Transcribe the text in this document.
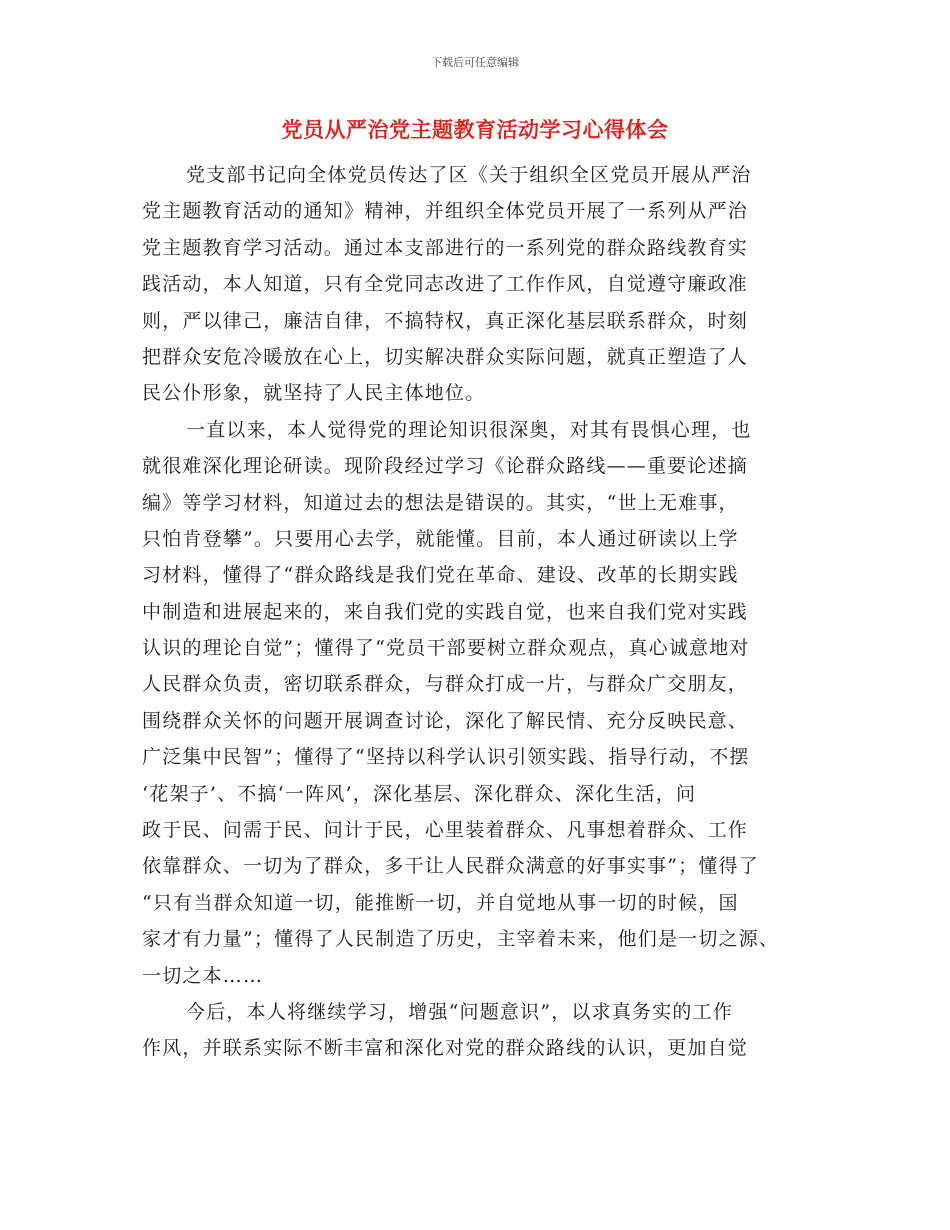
下载后可任意编辑
党员从严治党主题教育活动学习心得体会

党支部书记向全体党员传达了区《关于组织全区党员开展从严治
党主题教育活动的通知》精神，并组织全体党员开展了一系列从严治
党主题教育学习活动。通过本支部进行的一系列党的群众路线教育实
践活动，本人知道，只有全党同志改进了工作作风，自觉遵守廉政准
则，严以律己，廉洁自律，不搞特权，真正深化基层联系群众，时刻
把群众安危冷暖放在心上，切实解决群众实际问题，就真正塑造了人
民公仆形象，就坚持了人民主体地位。

一直以来，本人觉得党的理论知识很深奥，对其有畏惧心理，也
就很难深化理论研读。现阶段经过学习《论群众路线——重要论述摘
编》等学习材料，知道过去的想法是错误的。其实，“世上无难事，
只怕肯登攀”。只要用心去学，就能懂。目前，本人通过研读以上学
习材料，懂得了“群众路线是我们党在革命、建设、改革的长期实践
中制造和进展起来的，来自我们党的实践自觉，也来自我们党对实践
认识的理论自觉”；懂得了“党员干部要树立群众观点，真心诚意地对
人民群众负责，密切联系群众，与群众打成一片，与群众广交朋友，
围绕群众关怀的问题开展调查讨论，深化了解民情、充分反映民意、
广泛集中民智”；懂得了“坚持以科学认识引领实践、指导行动，不摆
‘花架子’、不搞‘一阵风’，深化基层、深化群众、深化生活，问
政于民、问需于民、问计于民，心里装着群众、凡事想着群众、工作
依靠群众、一切为了群众，多干让人民群众满意的好事实事”；懂得了
“只有当群众知道一切，能推断一切，并自觉地从事一切的时候，国
家才有力量”；懂得了人民制造了历史，主宰着未来，他们是一切之源、
一切之本……

今后，本人将继续学习，增强“问题意识”，以求真务实的工作
作风，并联系实际不断丰富和深化对党的群众路线的认识，更加自觉
